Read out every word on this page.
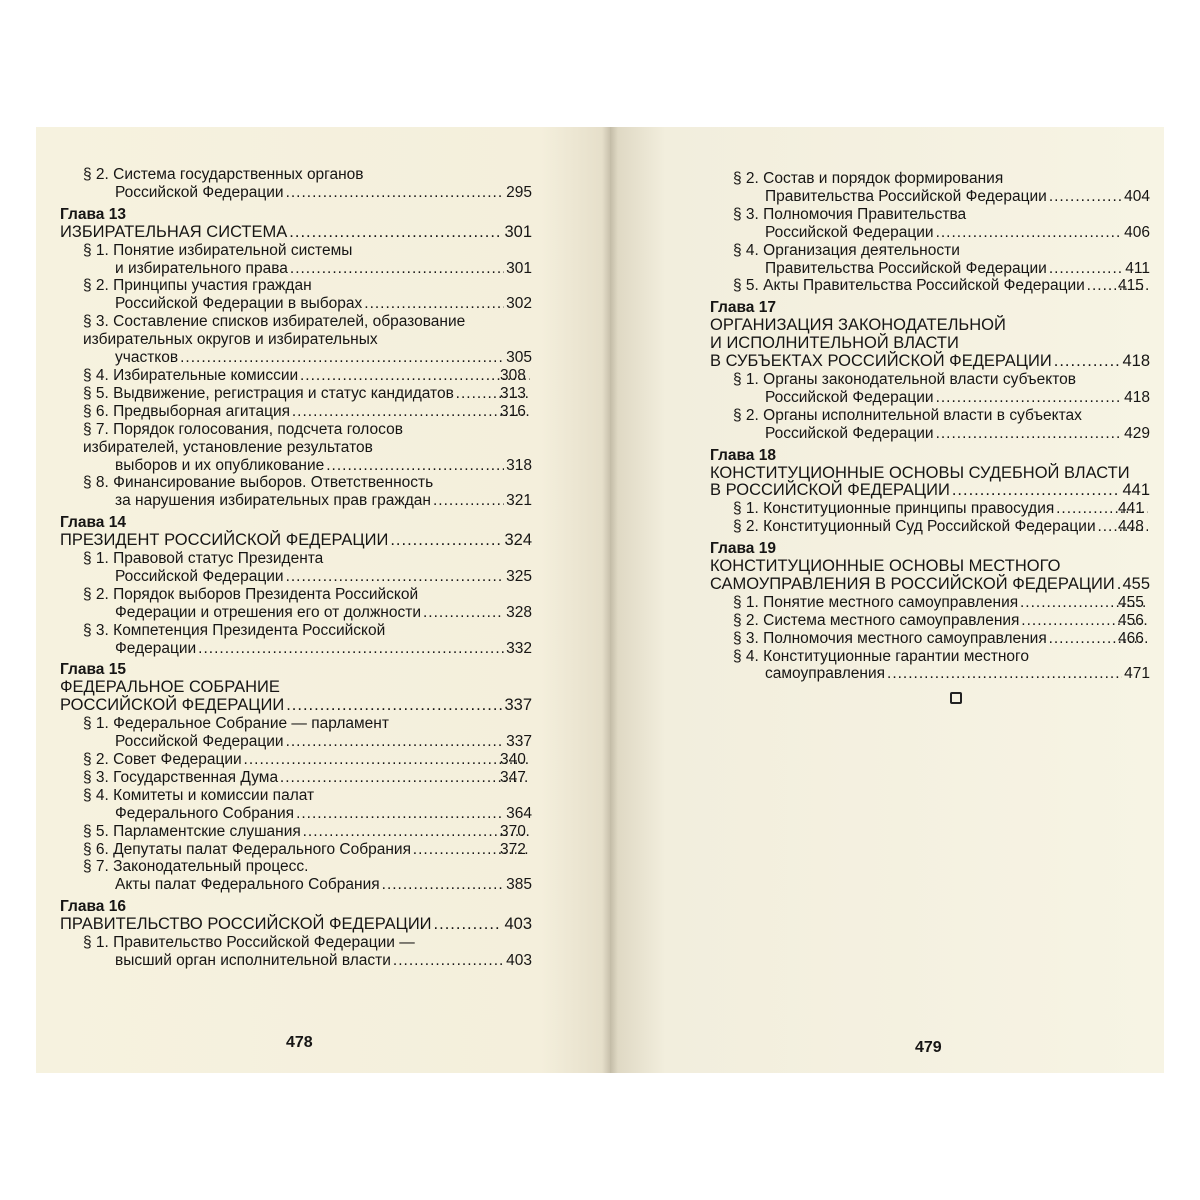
§ 2. Система государственных органов
Российской Федерации .....	295
Глава 13
ИЗБИРАТЕЛЬНАЯ СИСТЕМА .....	301
§ 1. Понятие избирательной системы
и избирательного права .....	301
§ 2. Принципы участия граждан
Российской Федерации в выборах .....	302
§ 3. Составление списков избирателей, образование
избирательных округов и избирательных
участков .....	305
§ 4. Избирательные комиссии .....	308
§ 5. Выдвижение, регистрация и статус кандидатов .....	313
§ 6. Предвыборная агитация .....	316
§ 7. Порядок голосования, подсчета голосов
избирателей, установление результатов
выборов и их опубликование .....	318
§ 8. Финансирование выборов. Ответственность
за нарушения избирательных прав граждан .....	321
Глава 14
ПРЕЗИДЕНТ РОССИЙСКОЙ ФЕДЕРАЦИИ .....	324
§ 1. Правовой статус Президента
Российской Федерации .....	325
§ 2. Порядок выборов Президента Российской
Федерации и отрешения его от должности .....	328
§ 3. Компетенция Президента Российской
Федерации .....	332
Глава 15
ФЕДЕРАЛЬНОЕ СОБРАНИЕ
РОССИЙСКОЙ ФЕДЕРАЦИИ .....	337
§ 1. Федеральное Собрание — парламент
Российской Федерации .....	337
§ 2. Совет Федерации .....	340
§ 3. Государственная Дума .....	347
§ 4. Комитеты и комиссии палат
Федерального Собрания .....	364
§ 5. Парламентские слушания .....	370
§ 6. Депутаты палат Федерального Собрания .....	372
§ 7. Законодательный процесс.
Акты палат Федерального Собрания .....	385
Глава 16
ПРАВИТЕЛЬСТВО РОССИЙСКОЙ ФЕДЕРАЦИИ .....	403
§ 1. Правительство Российской Федерации —
высший орган исполнительной власти .....	403
478
§ 2. Состав и порядок формирования
Правительства Российской Федерации .....	404
§ 3. Полномочия Правительства
Российской Федерации .....	406
§ 4. Организация деятельности
Правительства Российской Федерации .....	411
§ 5. Акты Правительства Российской Федерации ..... 415
Глава 17
ОРГАНИЗАЦИЯ ЗАКОНОДАТЕЛЬНОЙ
И ИСПОЛНИТЕЛЬНОЙ ВЛАСТИ
В СУБЪЕКТАХ РОССИЙСКОЙ ФЕДЕРАЦИИ .....	418
§ 1. Органы законодательной власти субъектов
Российской Федерации .....	418
§ 2. Органы исполнительной власти в субъектах
Российской Федерации .....	429
Глава 18
КОНСТИТУЦИОННЫЕ ОСНОВЫ СУДЕБНОЙ ВЛАСТИ
В РОССИЙСКОЙ ФЕДЕРАЦИИ .....	441
§ 1. Конституционные принципы правосудия .....	441
§ 2. Конституционный Суд Российской Федерации ..... 448
Глава 19
КОНСТИТУЦИОННЫЕ ОСНОВЫ МЕСТНОГО
САМОУПРАВЛЕНИЯ В РОССИЙСКОЙ ФЕДЕРАЦИИ ..... 455
§ 1. Понятие местного самоуправления .....	455
§ 2. Система местного самоуправления .....	456
§ 3. Полномочия местного самоуправления .....	466
§ 4. Конституционные гарантии местного
самоуправления .....	471
479
